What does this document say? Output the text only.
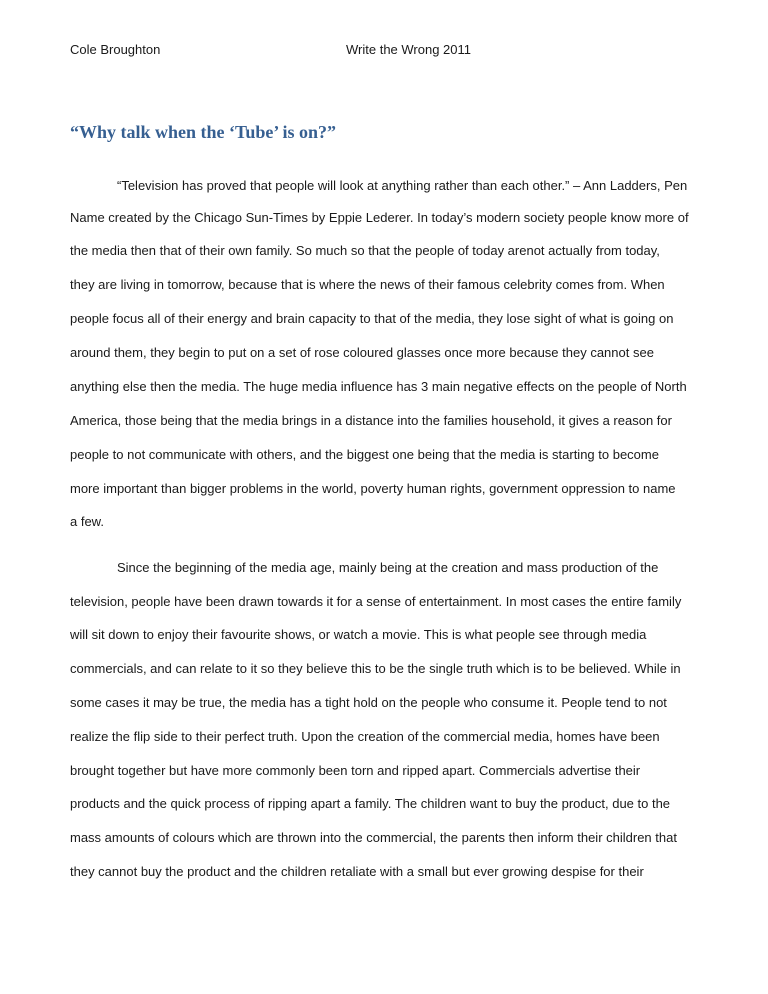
Cole Broughton	Write the Wrong 2011
“Why talk when the ‘Tube’ is on?”
“Television has proved that people will look at anything rather than each other.” – Ann Ladders, Pen
Name created by the Chicago Sun-Times by Eppie Lederer. In today’s modern society people know more of
the media then that of their own family. So much so that the people of today arenot actually from today,
they are living in tomorrow, because that is where the news of their famous celebrity comes from. When
people focus all of their energy and brain capacity to that of the media, they lose sight of what is going on
around them, they begin to put on a set of rose coloured glasses once more because they cannot see
anything else then the media. The huge media influence has 3 main negative effects on the people of North
America, those being that the media brings in a distance into the families household, it gives a reason for
people to not communicate with others, and the biggest one being that the media is starting to become
more important than bigger problems in the world, poverty human rights, government oppression to name
a few.
Since the beginning of the media age, mainly being at the creation and mass production of the
television, people have been drawn towards it for a sense of entertainment. In most cases the entire family
will sit down to enjoy their favourite shows, or watch a movie. This is what people see through media
commercials, and can relate to it so they believe this to be the single truth which is to be believed. While in
some cases it may be true, the media has a tight hold on the people who consume it. People tend to not
realize the flip side to their perfect truth. Upon the creation of the commercial media, homes have been
brought together but have more commonly been torn and ripped apart. Commercials advertise their
products and the quick process of ripping apart a family. The children want to buy the product, due to the
mass amounts of colours which are thrown into the commercial, the parents then inform their children that
they cannot buy the product and the children retaliate with a small but ever growing despise for their
